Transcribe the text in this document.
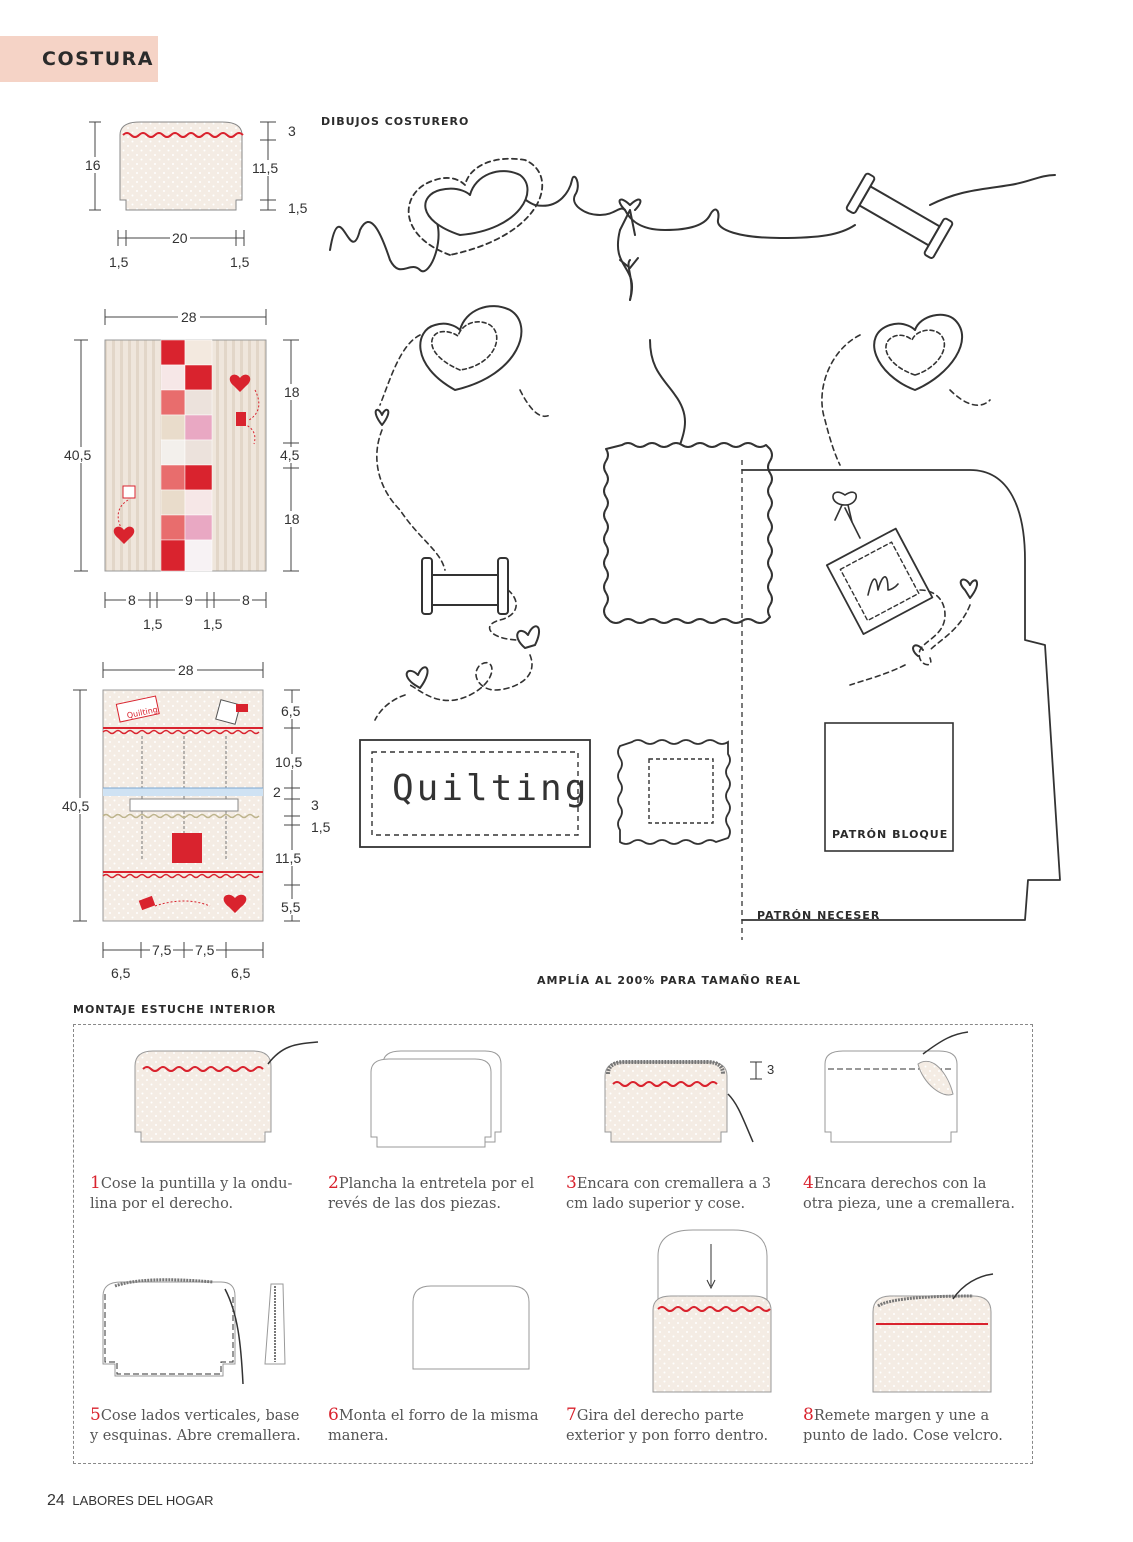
COSTURA
16
3
11,5
1,5
20
1,5	1,5
28
40,5
18
4,5
18
8	9	8
1,5	1,5
Quilting
28
40,5
6,5
10,5
2
3
1,5
11,5
5,5
7,5 7,5
6,5	6,5
DIBUJOS COSTURERO
Quilting
PATRÓN BLOQUE
PATRÓN NECESER
AMPLÍA AL 200% PARA TAMAÑO REAL
MONTAJE ESTUCHE INTERIOR
3
1Cose la puntilla y la ondu-lina por el derecho.
2Plancha la entretela por el revés de las dos piezas.
3Encara con cremallera a 3 cm lado superior y cose.
4Encara derechos con la otra pieza, une a cremallera.
5Cose lados verticales, base y esquinas. Abre cremallera.
6Monta el forro de la misma manera.
7Gira del derecho parte exterior y pon forro dentro.
8Remete margen y une a punto de lado. Cose velcro.
24 LABORES DEL HOGAR
